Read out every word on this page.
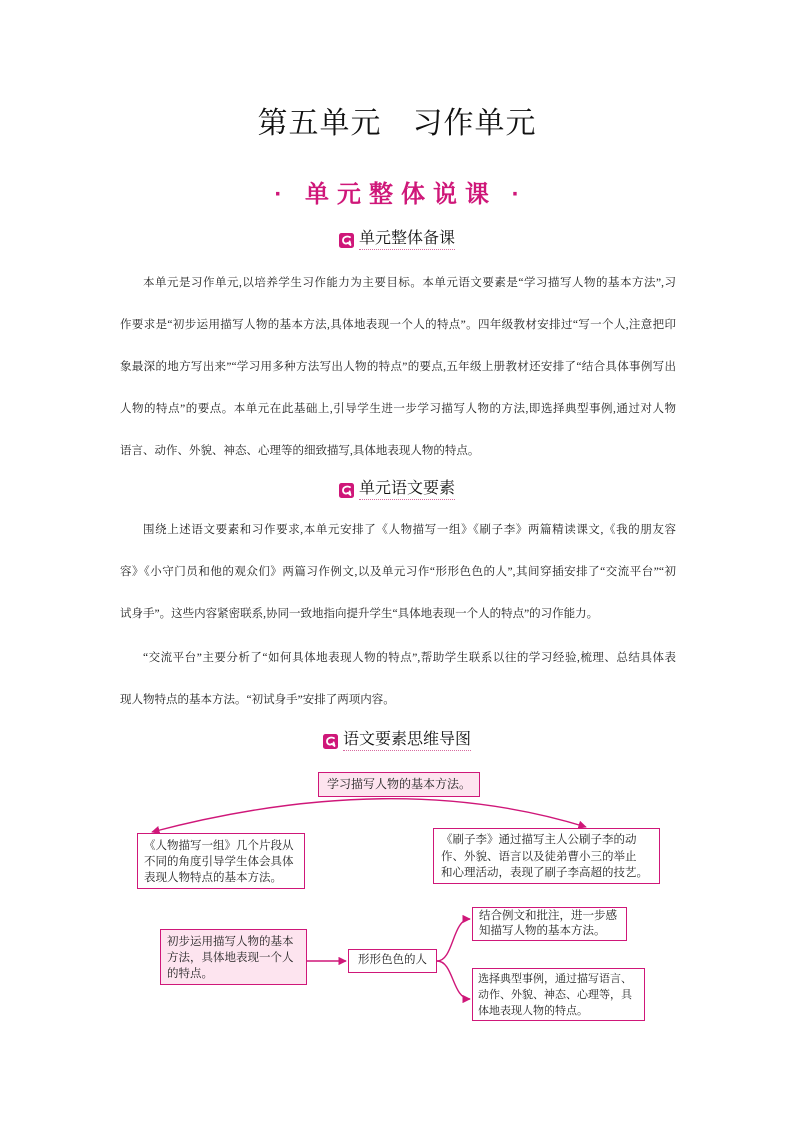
第五单元　习作单元
· 单元整体说课 ·
单元整体备课
本单元是习作单元,以培养学生习作能力为主要目标。本单元语文要素是“学习描写人物的基本方法”,习
作要求是“初步运用描写人物的基本方法,具体地表现一个人的特点”。四年级教材安排过“写一个人,注意把印
象最深的地方写出来”“学习用多种方法写出人物的特点”的要点,五年级上册教材还安排了“结合具体事例写出
人物的特点”的要点。本单元在此基础上,引导学生进一步学习描写人物的方法,即选择典型事例,通过对人物
语言、动作、外貌、神态、心理等的细致描写,具体地表现人物的特点。
单元语文要素
围绕上述语文要素和习作要求,本单元安排了《人物描写一组》《刷子李》两篇精读课文,《我的朋友容
容》《小守门员和他的观众们》两篇习作例文,以及单元习作“形形色色的人”,其间穿插安排了“交流平台”“初
试身手”。这些内容紧密联系,协同一致地指向提升学生“具体地表现一个人的特点”的习作能力。
“交流平台”主要分析了“如何具体地表现人物的特点”,帮助学生联系以往的学习经验,梳理、总结具体表
现人物特点的基本方法。“初试身手”安排了两项内容。
语文要素思维导图
学习描写人物的基本方法。
《人物描写一组》几个片段从
不同的角度引导学生体会具体
表现人物特点的基本方法。
《刷子李》通过描写主人公刷子李的动
作、外貌、语言以及徒弟曹小三的举止
和心理活动，表现了刷子李高超的技艺。
初步运用描写人物的基本
方法，具体地表现一个人
的特点。
形形色色的人
结合例文和批注，进一步感
知描写人物的基本方法。
选择典型事例，通过描写语言、
动作、外貌、神态、心理等，具
体地表现人物的特点。
